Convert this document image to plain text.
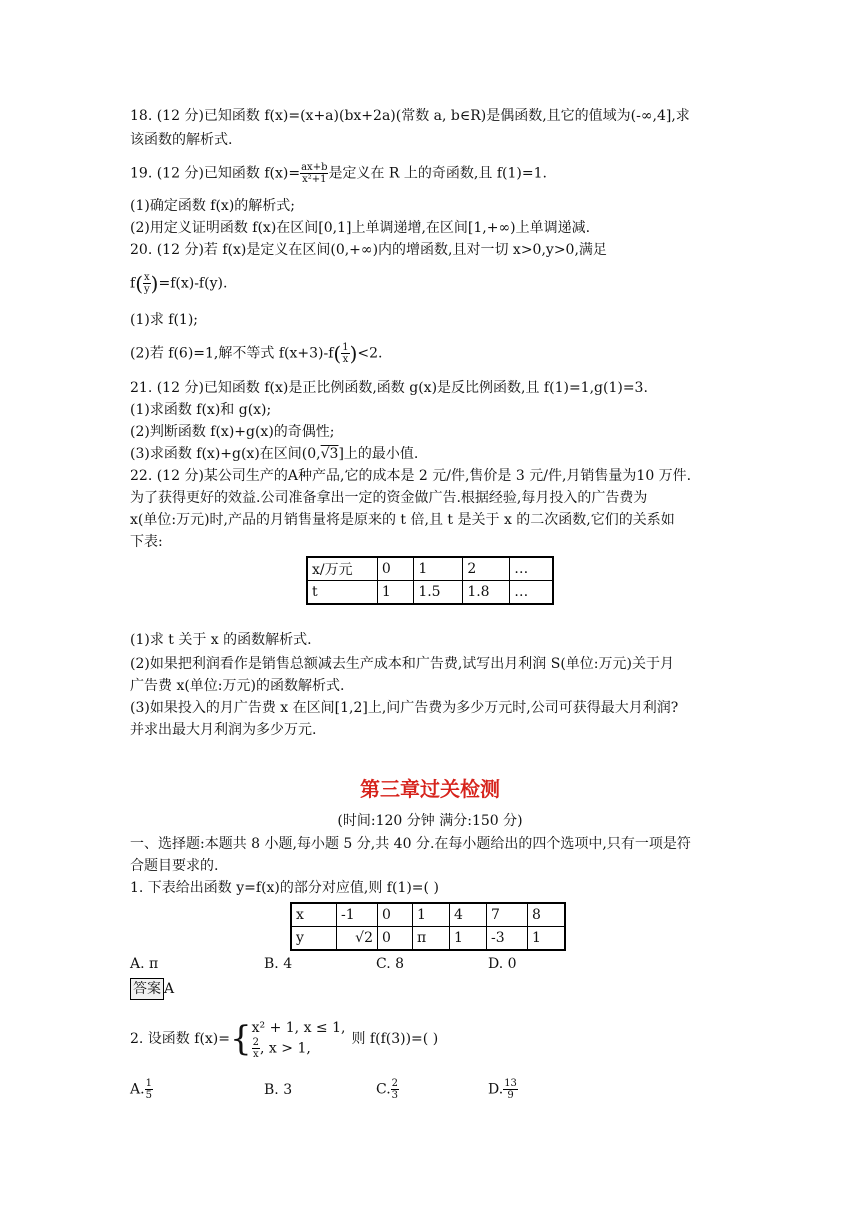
18. (12 分)已知函数 f(x)=(x+a)(bx+2a)(常数 a, b∈R)是偶函数,且它的值域为(-∞,4],求
该函数的解析式.
19. (12 分)已知函数 $f(x)= \frac{ax+b}{\text{x²+1}}$ 是定义在 R 上的奇函数,且 f(1)=1.
(1)确定函数 f(x)的解析式;
(2)用定义证明函数 f(x)在区间[0,1]上单调递增,在区间[1,+∞)上单调递减.
20. (12 分)若 f(x)是定义在区间(0,+∞)内的增函数,且对一切 x>0,y>0,满足
$f( \frac{x}{y} )=f(x)-f(y)$.
(1)求 f(1);
(2)若 f(6)=1,解不等式 $f(x+3)-f( \frac{1}{x} )<2$.
21. (12 分)已知函数 f(x)是正比例函数,函数 g(x)是反比例函数,且 f(1)=1,g(1)=3.
(1)求函数 f(x)和 g(x);
(2)判断函数 f(x)+g(x)的奇偶性;
(3)求函数 f(x)+g(x)在区间(0,√3]上的最小值.
22. (12 分)某公司生产的A种产品,它的成本是 2 元/件,售价是 3 元/件,月销售量为10 万件.
为了获得更好的效益.公司准备拿出一定的资金做广告.根据经验,每月投入的广告费为
x(单位:万元)时,产品的月销售量将是原来的 t 倍,且 t 是关于 x 的二次函数,它们的关系如
下表:
x/万元	0	1	2	…
t	1	1.5	1.8	…
(1)求 t 关于 x 的函数解析式.
(2)如果把利润看作是销售总额减去生产成本和广告费,试写出月利润 S(单位:万元)关于月
广告费 x(单位:万元)的函数解析式.
(3)如果投入的月广告费 x 在区间[1,2]上,问广告费为多少万元时,公司可获得最大月利润?
并求出最大月利润为多少万元.
第三章过关检测
(时间:120 分钟 满分:150 分)
一、选择题:本题共 8 小题,每小题 5 分,共 40 分.在每小题给出的四个选项中,只有一项是符
合题目要求的.
1. 下表给出函数 y=f(x)的部分对应值,则 f(1)=( )
x	-1	0	1	4	7	8
y	√2	0	π	1	-3	1
A. π	B. 4	C. 8	D. 0
答案 A
2. 设函数 f(x)={ x² + 1, x ≤ 1,
$\frac{2}{x}$ , x > 1,
则 f(f(3))=( )
A. $\frac{1}{5}$	B. 3	C. $\frac{2}{3}$	D. $\frac{13}{9}$
